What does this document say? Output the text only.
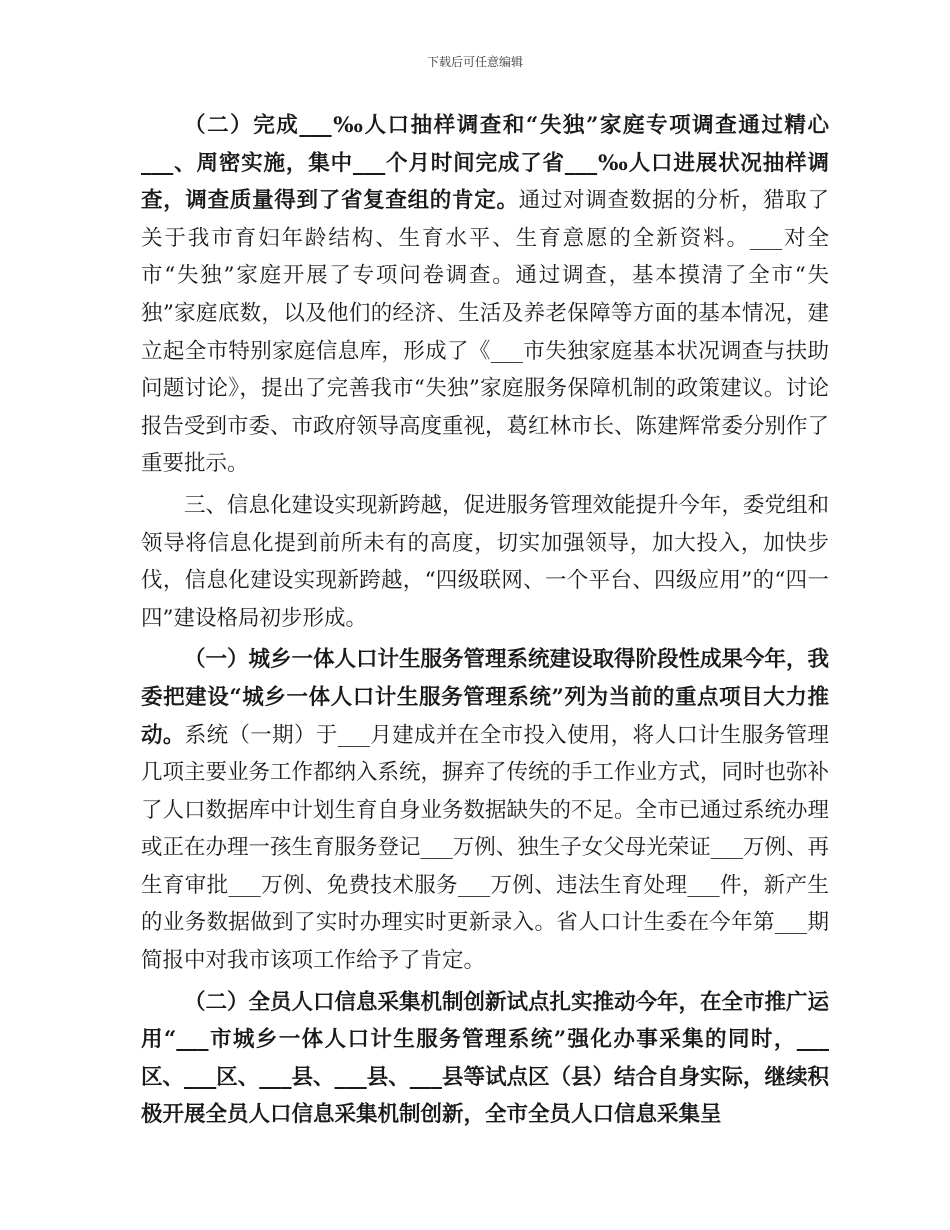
下载后可任意编辑

（二）完成___‰人口抽样调查和“失独”家庭专项调查通过精心___、周密实施，集中___个月时间完成了省___‰人口进展状况抽样调查，调查质量得到了省复查组的肯定。通过对调查数据的分析，猎取了关于我市育妇年龄结构、生育水平、生育意愿的全新资料。___对全市“失独”家庭开展了专项问卷调查。通过调查，基本摸清了全市“失独”家庭底数，以及他们的经济、生活及养老保障等方面的基本情况，建立起全市特别家庭信息库，形成了《___市失独家庭基本状况调查与扶助问题讨论》，提出了完善我市“失独”家庭服务保障机制的政策建议。讨论报告受到市委、市政府领导高度重视，葛红林市长、陈建辉常委分别作了重要批示。

三、信息化建设实现新跨越，促进服务管理效能提升今年，委党组和领导将信息化提到前所未有的高度，切实加强领导，加大投入，加快步伐，信息化建设实现新跨越，“四级联网、一个平台、四级应用”的“四一四”建设格局初步形成。

（一）城乡一体人口计生服务管理系统建设取得阶段性成果今年，我委把建设“城乡一体人口计生服务管理系统”列为当前的重点项目大力推动。系统（一期）于___月建成并在全市投入使用，将人口计生服务管理几项主要业务工作都纳入系统，摒弃了传统的手工作业方式，同时也弥补了人口数据库中计划生育自身业务数据缺失的不足。全市已通过系统办理或正在办理一孩生育服务登记___万例、独生子女父母光荣证___万例、再生育审批___万例、免费技术服务___万例、违法生育处理___件，新产生的业务数据做到了实时办理实时更新录入。省人口计生委在今年第___期简报中对我市该项工作给予了肯定。

（二）全员人口信息采集机制创新试点扎实推动今年，在全市推广运用“___市城乡一体人口计生服务管理系统”强化办事采集的同时，___区、___区、___县、___县、___县等试点区（县）结合自身实际，继续积极开展全员人口信息采集机制创新，全市全员人口信息采集呈
